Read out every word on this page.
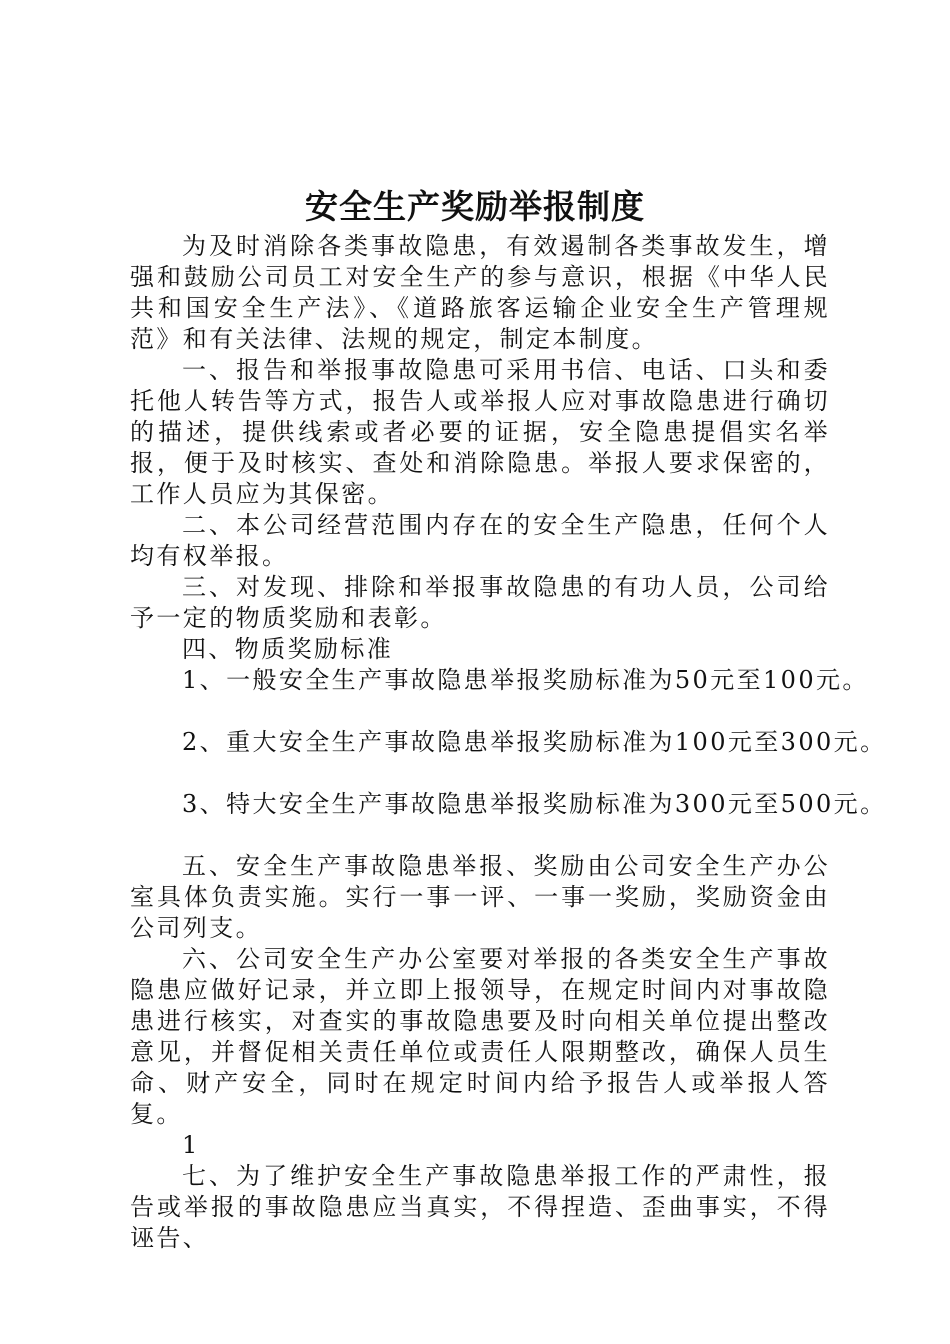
安全生产奖励举报制度

为及时消除各类事故隐患，有效遏制各类事故发生，增强和鼓励公司员工对安全生产的参与意识，根据《中华人民共和国安全生产法》、《道路旅客运输企业安全生产管理规范》和有关法律、法规的规定，制定本制度。

一、报告和举报事故隐患可采用书信、电话、口头和委托他人转告等方式，报告人或举报人应对事故隐患进行确切的描述，提供线索或者必要的证据，安全隐患提倡实名举报，便于及时核实、查处和消除隐患。举报人要求保密的，工作人员应为其保密。

二、本公司经营范围内存在的安全生产隐患，任何个人均有权举报。

三、对发现、排除和举报事故隐患的有功人员，公司给予一定的物质奖励和表彰。

四、物质奖励标准

1、一般安全生产事故隐患举报奖励标准为50元至100元。

2、重大安全生产事故隐患举报奖励标准为100元至300元。

3、特大安全生产事故隐患举报奖励标准为300元至500元。

五、安全生产事故隐患举报、奖励由公司安全生产办公室具体负责实施。实行一事一评、一事一奖励，奖励资金由公司列支。

六、公司安全生产办公室要对举报的各类安全生产事故隐患应做好记录，并立即上报领导，在规定时间内对事故隐患进行核实，对查实的事故隐患要及时向相关单位提出整改意见，并督促相关责任单位或责任人限期整改，确保人员生命、财产安全，同时在规定时间内给予报告人或举报人答复。

1

七、为了维护安全生产事故隐患举报工作的严肃性，报告或举报的事故隐患应当真实，不得捏造、歪曲事实，不得诬告、
